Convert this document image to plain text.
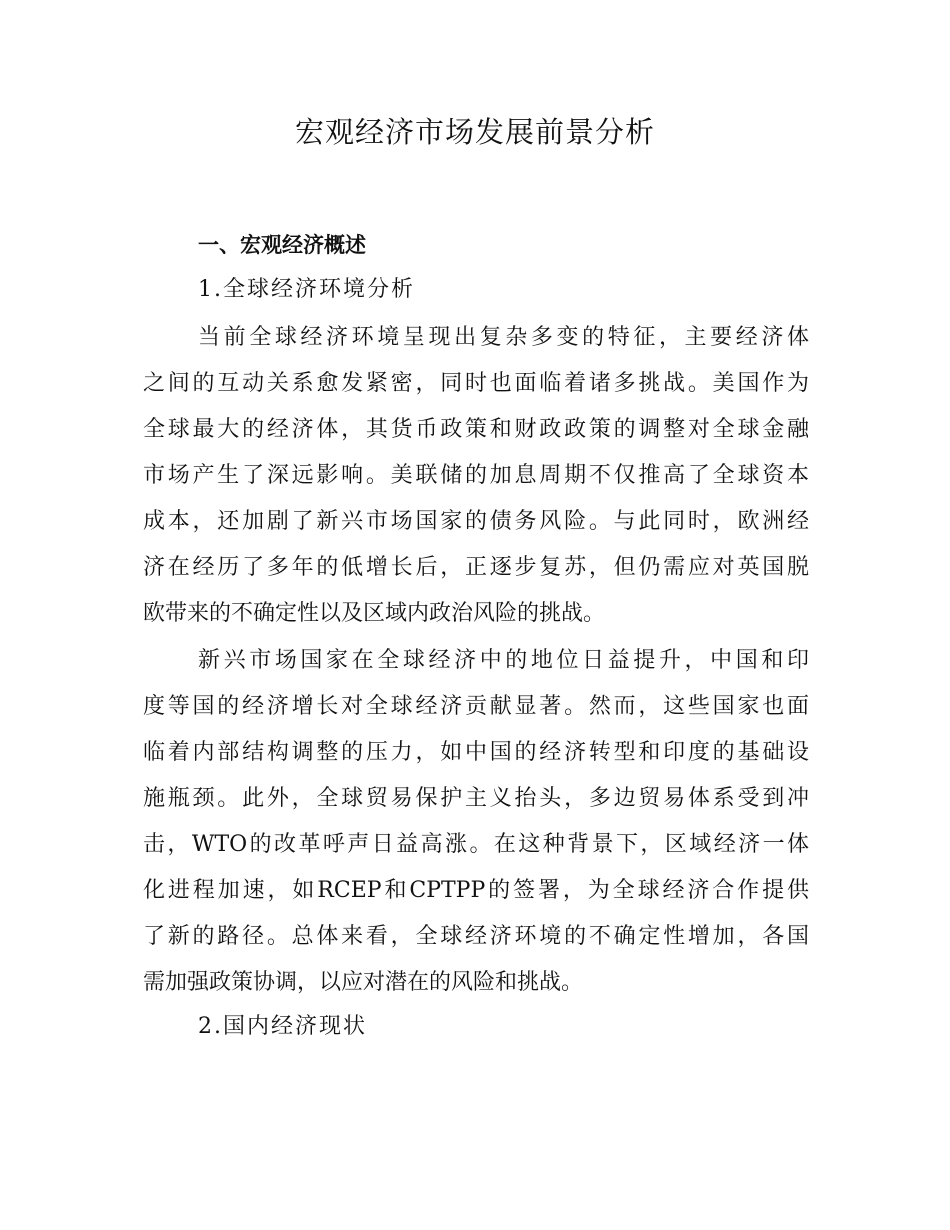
宏观经济市场发展前景分析
一、宏观经济概述
1.全球经济环境分析
当前全球经济环境呈现出复杂多变的特征，主要经济体
之间的互动关系愈发紧密，同时也面临着诸多挑战。美国作为
全球最大的经济体，其货币政策和财政政策的调整对全球金融
市场产生了深远影响。美联储的加息周期不仅推高了全球资本
成本，还加剧了新兴市场国家的债务风险。与此同时，欧洲经
济在经历了多年的低增长后，正逐步复苏，但仍需应对英国脱
欧带来的不确定性以及区域内政治风险的挑战。
新兴市场国家在全球经济中的地位日益提升，中国和印
度等国的经济增长对全球经济贡献显著。然而，这些国家也面
临着内部结构调整的压力，如中国的经济转型和印度的基础设
施瓶颈。此外，全球贸易保护主义抬头，多边贸易体系受到冲
击，WTO的改革呼声日益高涨。在这种背景下，区域经济一体
化进程加速，如RCEP和CPTPP的签署，为全球经济合作提供
了新的路径。总体来看，全球经济环境的不确定性增加，各国
需加强政策协调，以应对潜在的风险和挑战。
2.国内经济现状
